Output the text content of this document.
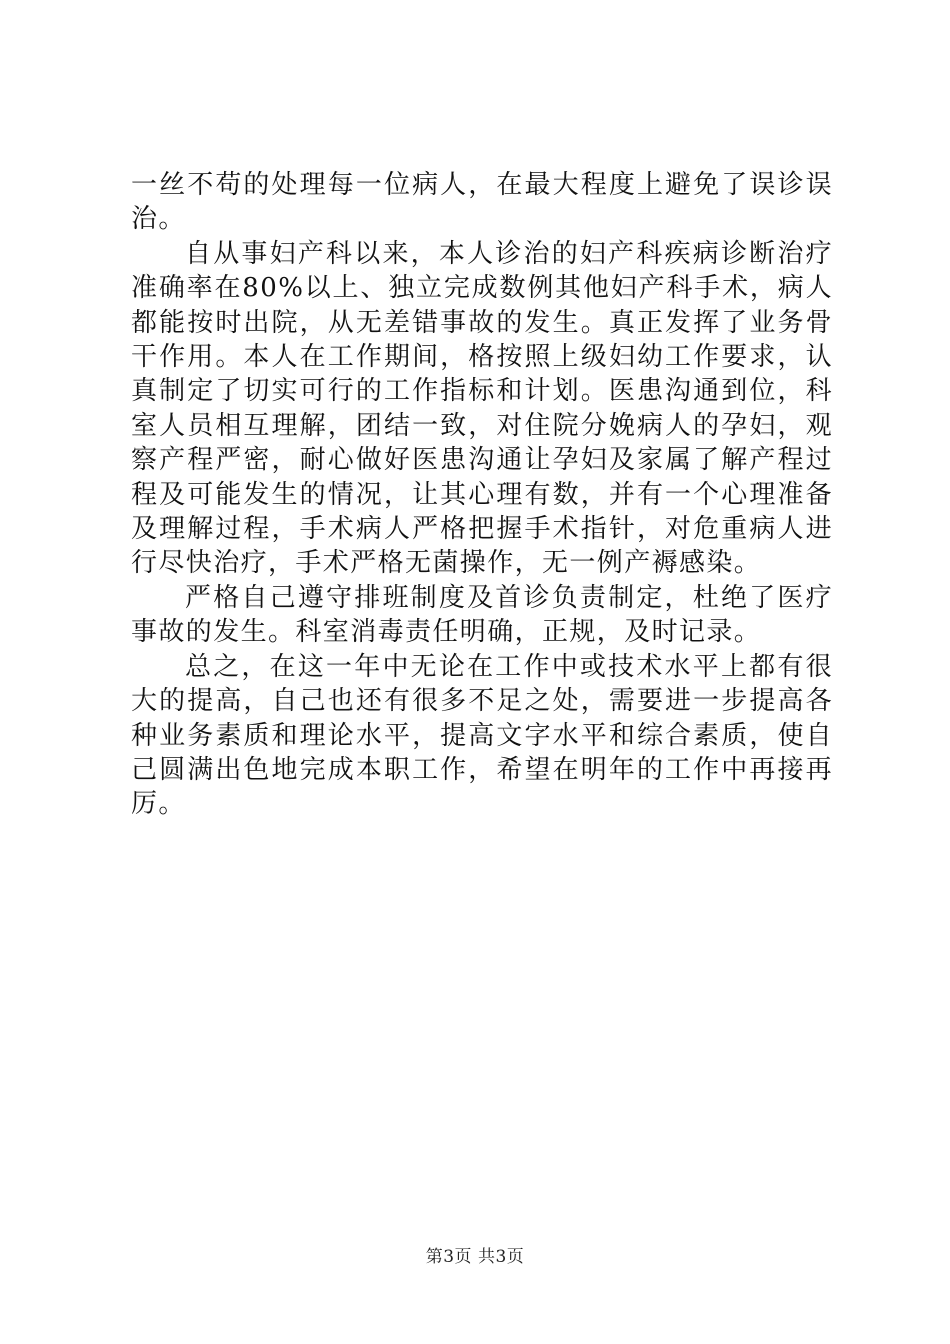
一丝不苟的处理每一位病人，在最大程度上避免了误诊误治。

自从事妇产科以来，本人诊治的妇产科疾病诊断治疗准确率在80%以上、独立完成数例其他妇产科手术，病人都能按时出院，从无差错事故的发生。真正发挥了业务骨干作用。本人在工作期间，格按照上级妇幼工作要求，认真制定了切实可行的工作指标和计划。医患沟通到位，科室人员相互理解，团结一致，对住院分娩病人的孕妇，观察产程严密，耐心做好医患沟通让孕妇及家属了解产程过程及可能发生的情况，让其心理有数，并有一个心理准备及理解过程，手术病人严格把握手术指针，对危重病人进行尽快治疗，手术严格无菌操作，无一例产褥感染。

严格自己遵守排班制度及首诊负责制定，杜绝了医疗事故的发生。科室消毒责任明确，正规，及时记录。

总之，在这一年中无论在工作中或技术水平上都有很大的提高，自己也还有很多不足之处，需要进一步提高各种业务素质和理论水平，提高文字水平和综合素质，使自己圆满出色地完成本职工作，希望在明年的工作中再接再厉。

第3页 共3页
